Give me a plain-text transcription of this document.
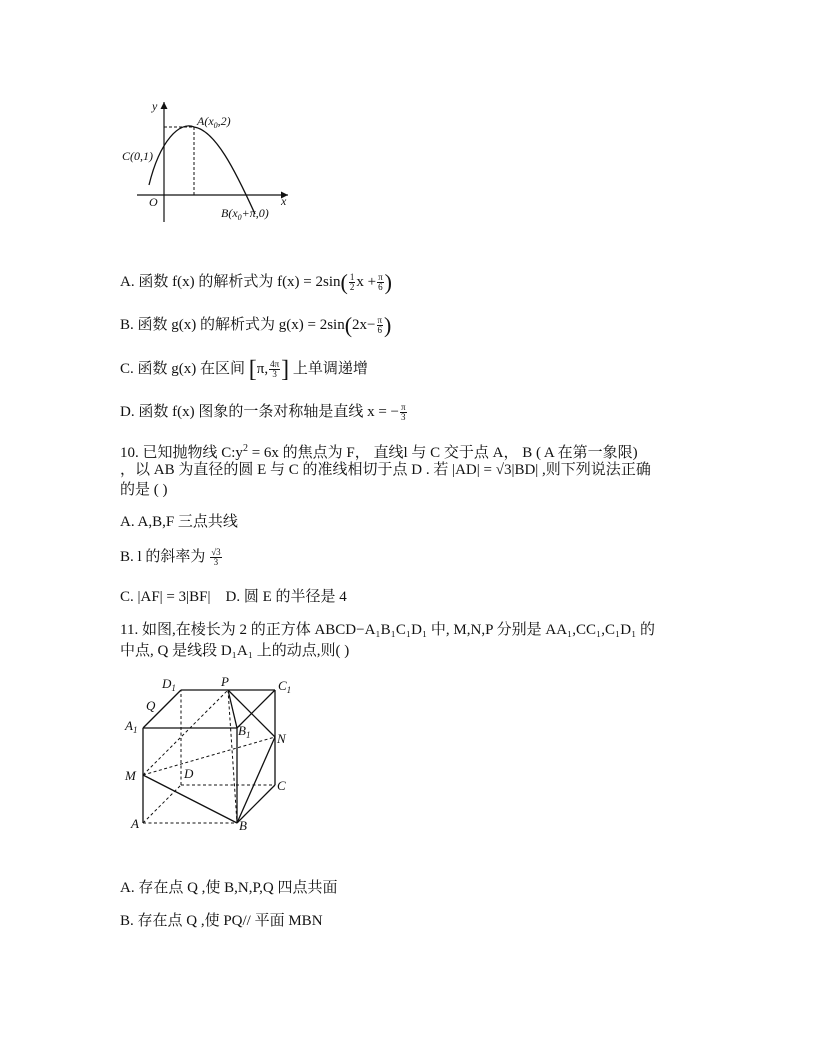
y
x
O
$A(x_0,2)$
C(0,1)
$B(x_0+\pi,0)$
A. 函数 f(x) 的解析式为 $f(x) = 2\sin( \frac{1}{2}$ $x + \frac{\pi}{6}$ )
B. 函数 g(x) 的解析式为 $g(x) = 2\sin(2x- \frac{\pi}{6}$ )
C. 函数 g(x) 在区间 [π, $\frac{4\pi}{3}$ ] 上单调递增
D. 函数 f(x) 图象的一条对称轴是直线 x = − $\frac{\pi}{3}$
10. 已知抛物线 $C:y^2 = 6x$ 的焦点为 F， 直线l 与 C 交于点 A， B ( A 在第一象限)
，以 AB 为直径的圆 E 与 C 的准线相切于点 D . 若 |AD| = √3|BD| ,则下列说法正确
的是 ( )
A. A,B,F 三点共线
B. l 的斜率为 $\frac{√3}{3}$
C. |AF| = 3|BF| D. 圆 E 的半径是 4
11. 如图,在棱长为 2 的正方体 ABCD−A₁B₁C₁D₁ 中, M,N,P 分别是 AA₁,CC₁,C₁D₁ 的
中点, Q 是线段 D₁A₁ 上的动点,则( )
$D_1$	P	$C_1$
Q
$A_1$	$B_1$ N
M	D
C
A	B
A. 存在点 Q ,使 B,N,P,Q 四点共面
B. 存在点 Q ,使 PQ// 平面 MBN
